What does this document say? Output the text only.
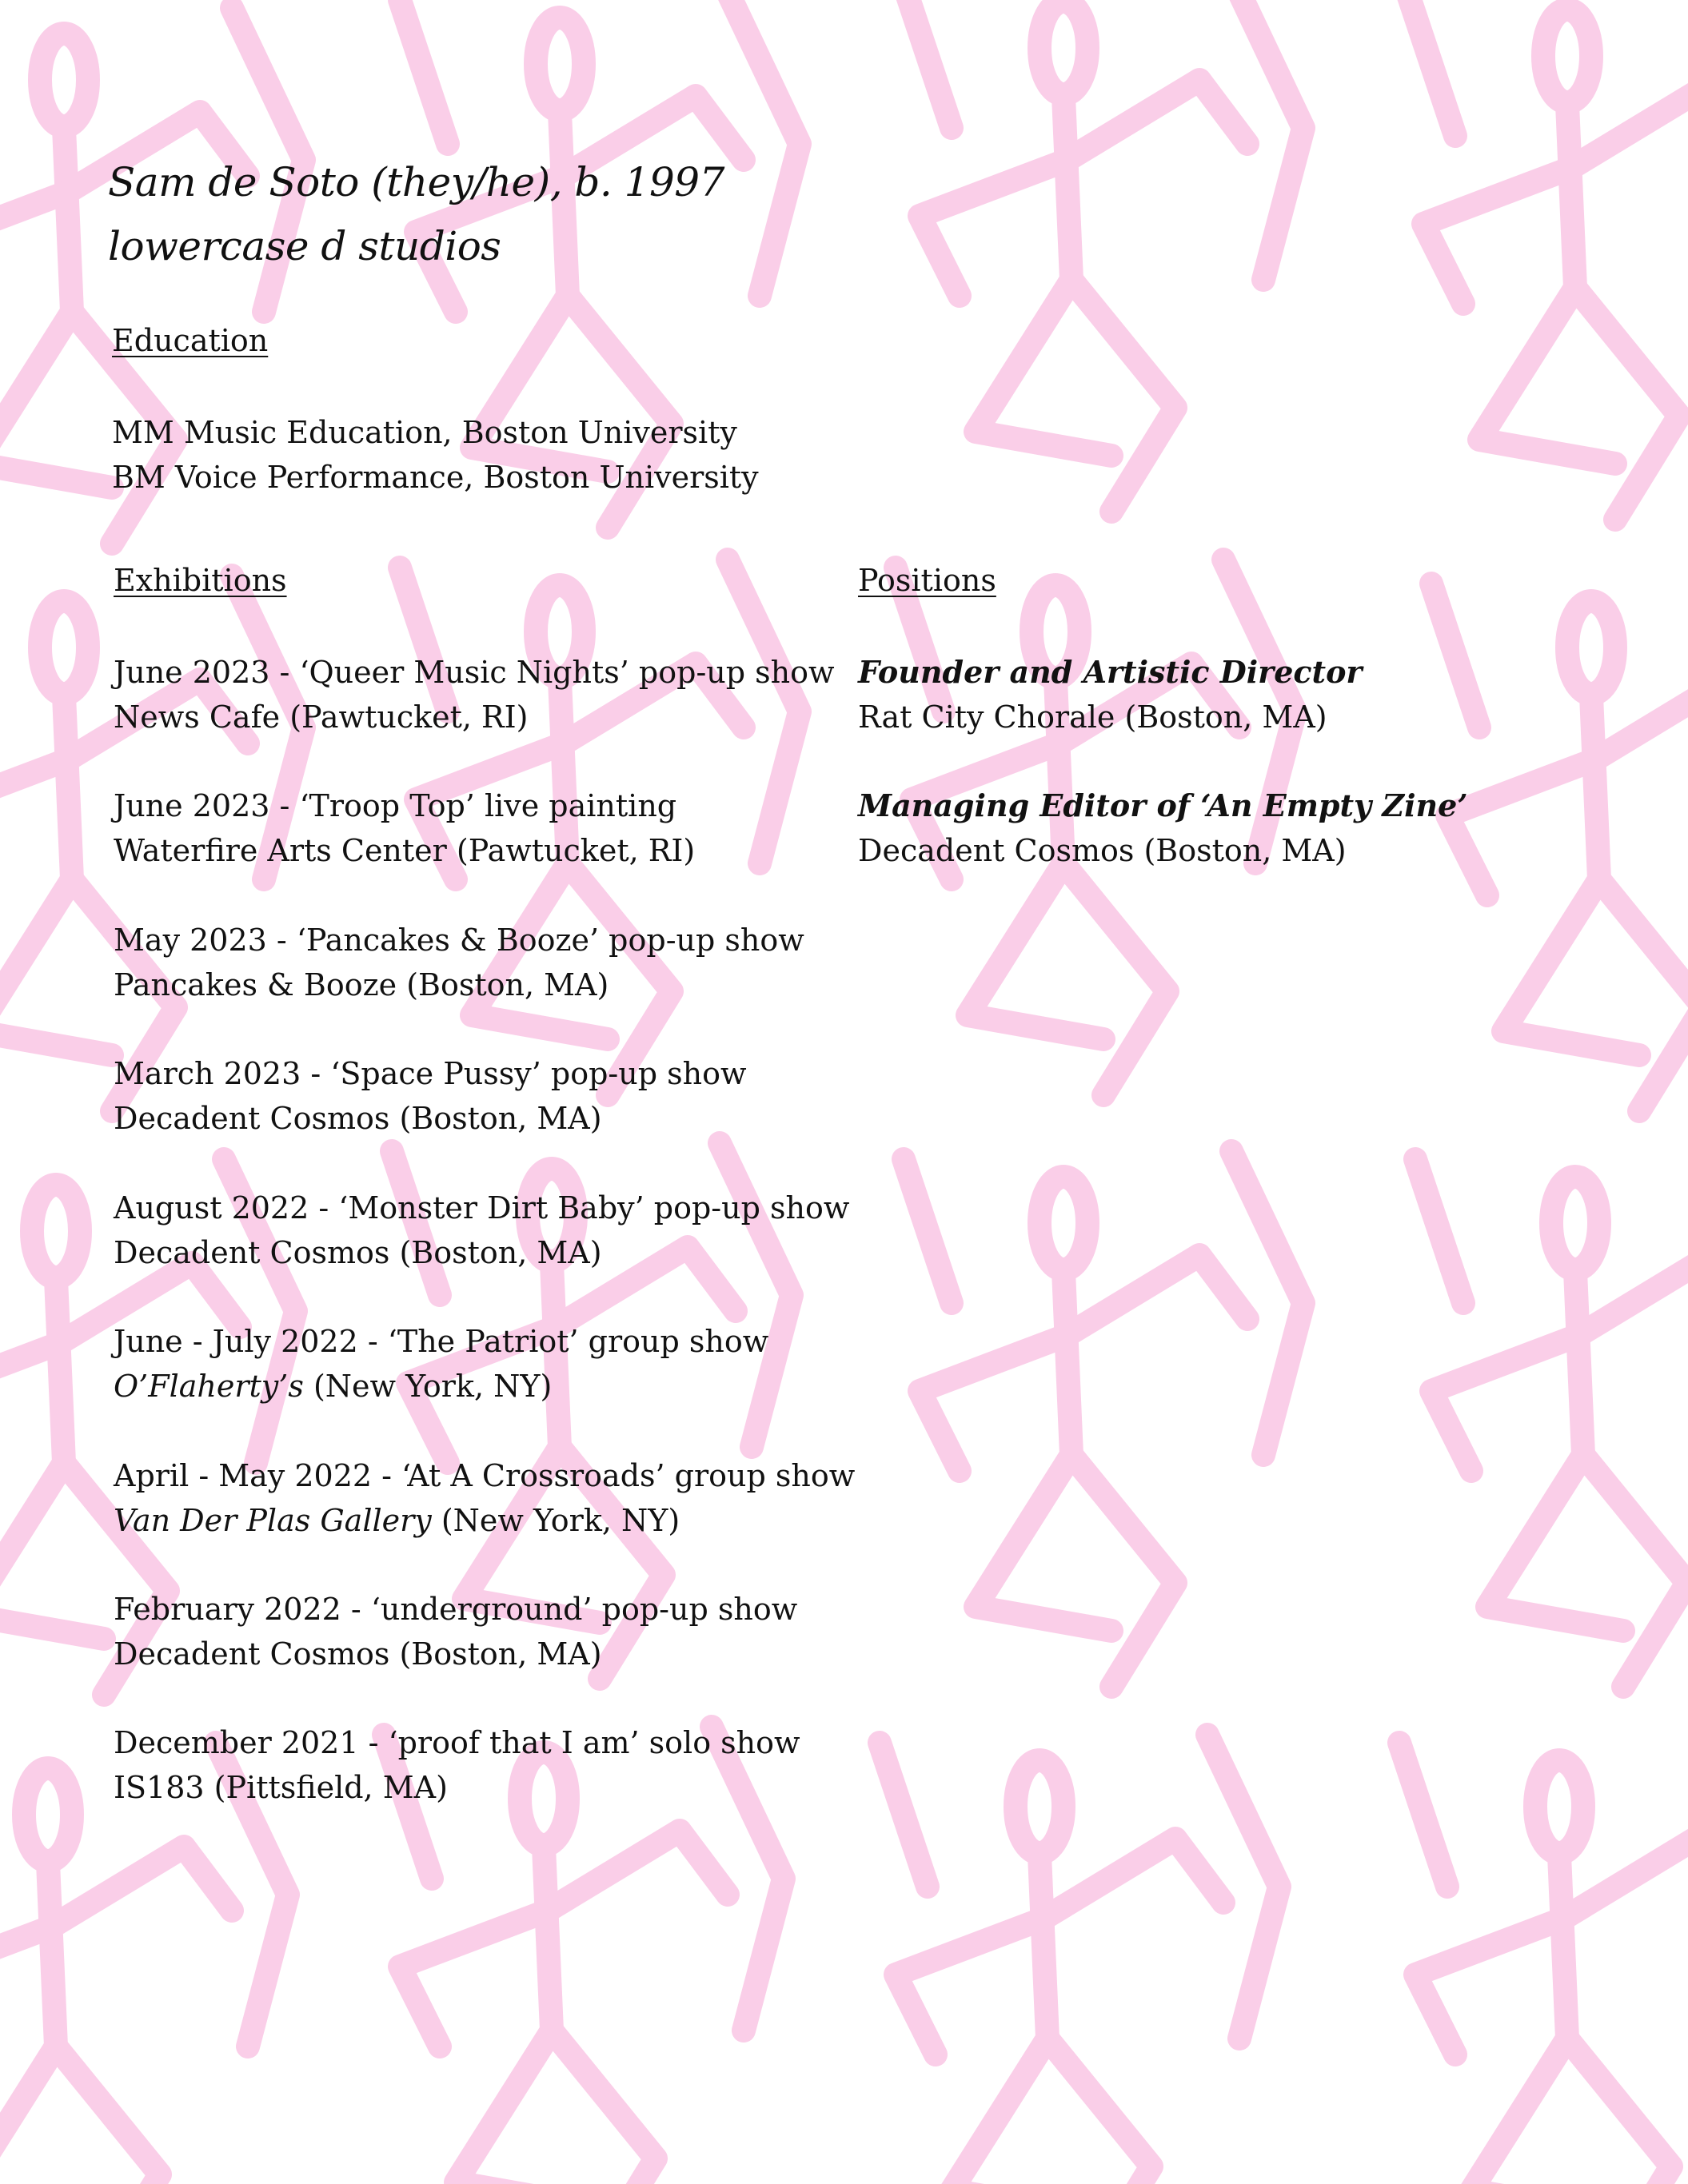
Sam de Soto (they/he), b. 1997
lowercase d studios
Education
MM Music Education, Boston University
BM Voice Performance, Boston University
Exhibitions
June 2023 - ‘Queer Music Nights’ pop-up show
News Cafe (Pawtucket, RI)
June 2023 - ‘Troop Top’ live painting
Waterfire Arts Center (Pawtucket, RI)
May 2023 - ‘Pancakes & Booze’ pop-up show
Pancakes & Booze (Boston, MA)
March 2023 - ‘Space Pussy’ pop-up show
Decadent Cosmos (Boston, MA)
August 2022 - ‘Monster Dirt Baby’ pop-up show
Decadent Cosmos (Boston, MA)
June - July 2022 - ‘The Patriot’ group show
O’Flaherty’s (New York, NY)
April - May 2022 - ‘At A Crossroads’ group show
Van Der Plas Gallery (New York, NY)
February 2022 - ‘underground’ pop-up show
Decadent Cosmos (Boston, MA)
December 2021 - ‘proof that I am’ solo show
IS183 (Pittsfield, MA)
Positions
Founder and Artistic Director
Rat City Chorale (Boston, MA)
Managing Editor of ‘An Empty Zine’
Decadent Cosmos (Boston, MA)
